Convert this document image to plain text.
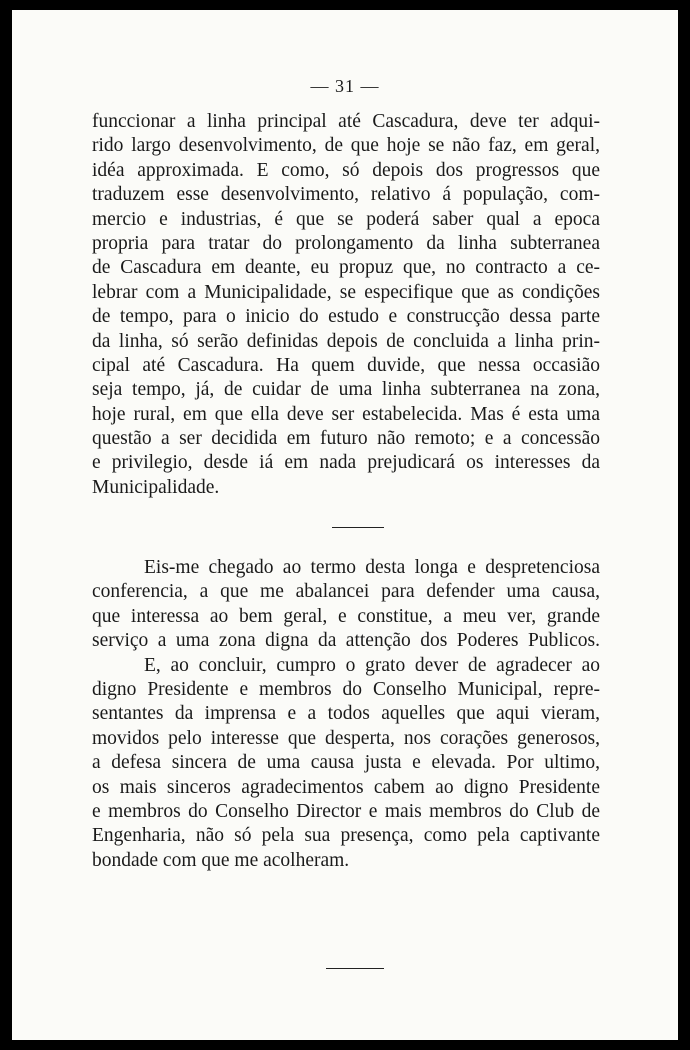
— 31 —
funccionar a linha principal até Cascadura, deve ter adqui-
rido largo desenvolvimento, de que hoje se não faz, em geral,
idéa approximada. E como, só depois dos progressos que
traduzem esse desenvolvimento, relativo á população, com-
mercio e industrias, é que se poderá saber qual a epoca
propria para tratar do prolongamento da linha subterranea
de Cascadura em deante, eu propuz que, no contracto a ce-
lebrar com a Municipalidade, se especifique que as condições
de tempo, para o inicio do estudo e construcção dessa parte
da linha, só serão definidas depois de concluida a linha prin-
cipal até Cascadura. Ha quem duvide, que nessa occasião
seja tempo, já, de cuidar de uma linha subterranea na zona,
hoje rural, em que ella deve ser estabelecida. Mas é esta uma
questão a ser decidida em futuro não remoto; e a concessão
e privilegio, desde iá em nada prejudicará os interesses da
Municipalidade.
Eis-me chegado ao termo desta longa e despretenciosa
conferencia, a que me abalancei para defender uma causa,
que interessa ao bem geral, e constitue, a meu ver, grande
serviço a uma zona digna da attenção dos Poderes Publicos.
E, ao concluir, cumpro o grato dever de agradecer ao
digno Presidente e membros do Conselho Municipal, repre-
sentantes da imprensa e a todos aquelles que aqui vieram,
movidos pelo interesse que desperta, nos corações generosos,
a defesa sincera de uma causa justa e elevada. Por ultimo,
os mais sinceros agradecimentos cabem ao digno Presidente
e membros do Conselho Director e mais membros do Club de
Engenharia, não só pela sua presença, como pela captivante
bondade com que me acolheram.
